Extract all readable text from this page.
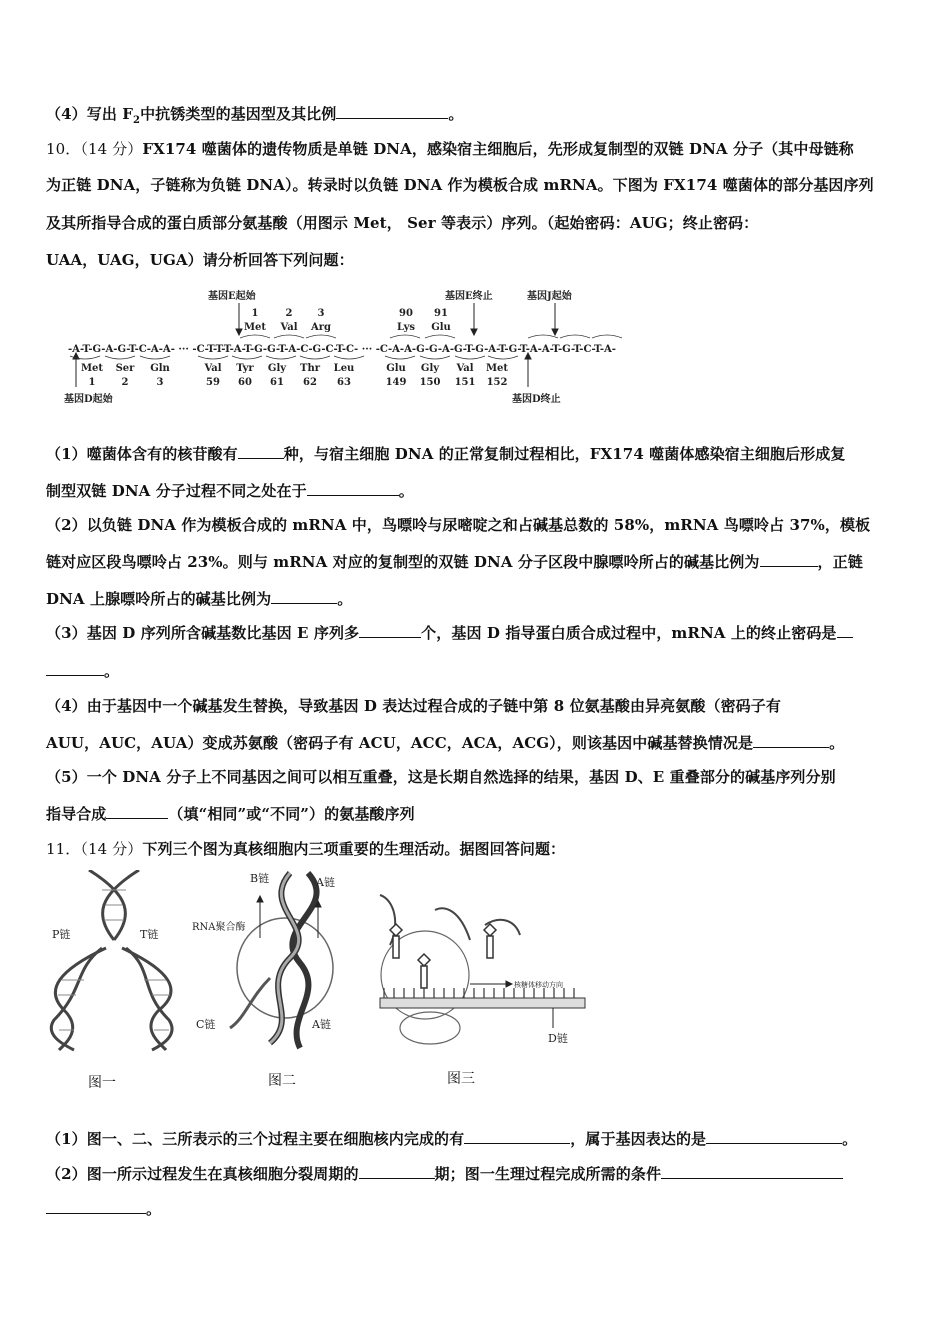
（4）写出 $F_2$中抗锈类型的基因型及其比例	。
10．（14 分）FX174 噬菌体的遗传物质是单链 DNA，感染宿主细胞后，先形成复制型的双链 DNA 分子（其中母链称
为正链 DNA，子链称为负链 DNA）。转录时以负链 DNA 作为模板合成 mRNA。下图为 FX174 噬菌体的部分基因序列
及其所指导合成的蛋白质部分氨基酸（用图示 Met， Ser 等表示）序列。（起始密码：AUG；终止密码：
UAA，UAG，UGA）请分析回答下列问题：
基因E起始	基因E终止	基因J起始
基因D起始	基因D终止
1	2	3	90 91
Met Val Arg	Lys Glu
-A-T-G-A-G-T-C-A-A- ··· -C-T-T-T-A-T-G-G-T-A-C-G-C-T-C- ··· -C-A-A-G-G-A-G-T-G-A-T-G-T-A-A-T-G-T-C-T-A-
Met Ser Gln	Val Tyr Gly Thr Leu	Glu Gly Val Met
1	2	3	59 60 61 62 63	149 150 151 152
（1）噬菌体含有的核苷酸有	种，与宿主细胞 DNA 的正常复制过程相比，FX174 噬菌体感染宿主细胞后形成复
制型双链 DNA 分子过程不同之处在于	。
（2）以负链 DNA 作为模板合成的 mRNA 中，鸟嘌呤与尿嘧啶之和占碱基总数的 58%，mRNA 鸟嘌呤占 37%，模板
链对应区段鸟嘌呤占 23%。则与 mRNA 对应的复制型的双链 DNA 分子区段中腺嘌呤所占的碱基比例为	，正链
DNA 上腺嘌呤所占的碱基比例为	。
（3）基因 D 序列所含碱基数比基因 E 序列多	个，基因 D 指导蛋白质合成过程中，mRNA 上的终止密码是
。
（4）由于基因中一个碱基发生替换，导致基因 D 表达过程合成的子链中第 8 位氨基酸由异亮氨酸（密码子有
AUU，AUC，AUA）变成苏氨酸（密码子有 ACU，ACC，ACA，ACG），则该基因中碱基替换情况是	。
（5）一个 DNA 分子上不同基因之间可以相互重叠，这是长期自然选择的结果，基因 D、E 重叠部分的碱基序列分别
指导合成	（填“相同”或“不同”）的氨基酸序列
11．（14 分）下列三个图为真核细胞内三项重要的生理活动。据图回答问题：
P链	T链
B链	A链
RNA聚合酶
C链	A链
核糖体移动方向
D链
图一	图二	图三
（1）图一、二、三所表示的三个过程主要在细胞核内完成的有	，属于基因表达的是	。
（2）图一所示过程发生在真核细胞分裂周期的	期；图一生理过程完成所需的条件
。
